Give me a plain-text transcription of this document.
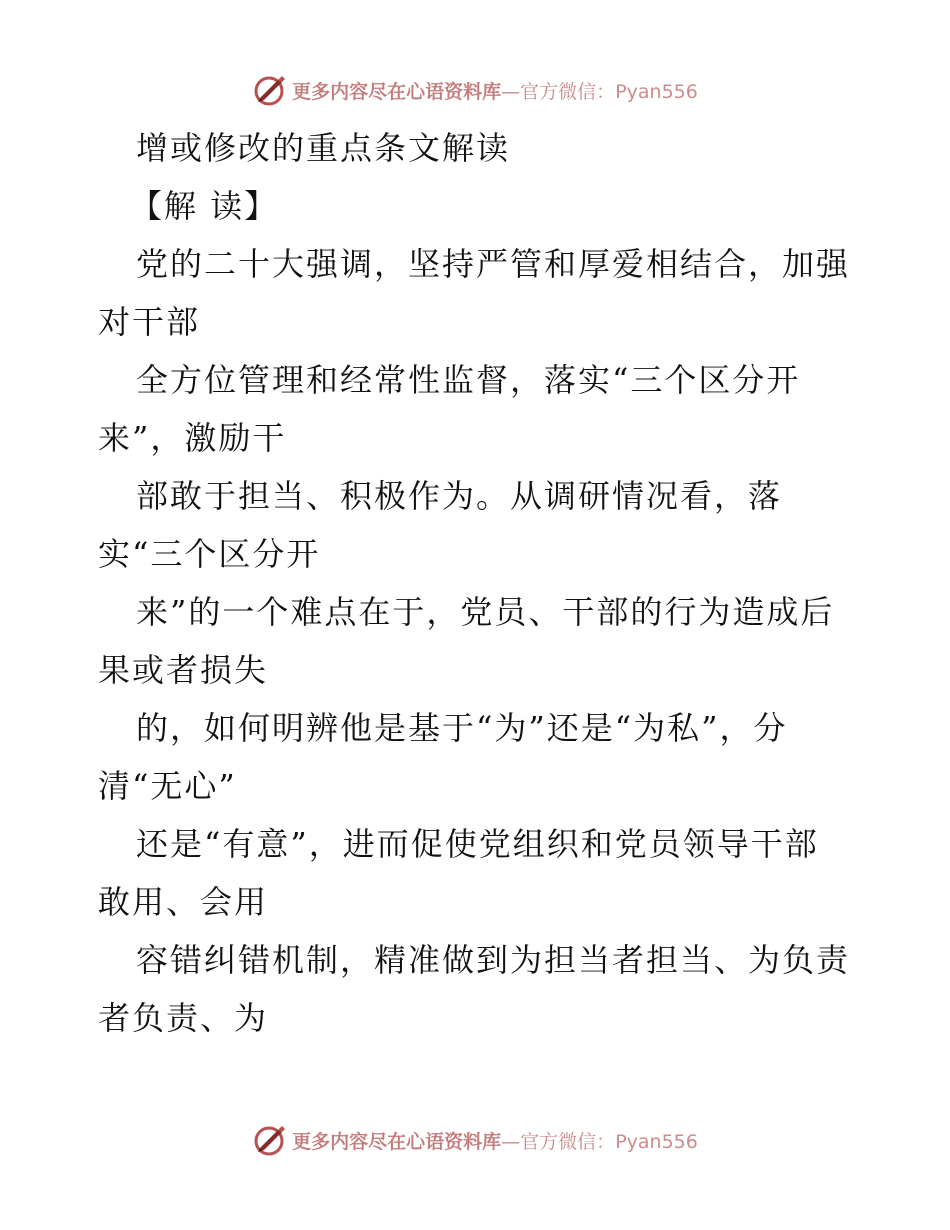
更多内容尽在心语资料库—官方微信：Pyan556
增或修改的重点条文解读
【解 读】
党的二十大强调，坚持严管和厚爱相结合，加强
对干部
全方位管理和经常性监督，落实“三个区分开
来”，激励干
部敢于担当、积极作为。从调研情况看，落
实“三个区分开
来”的一个难点在于，党员、干部的行为造成后
果或者损失
的，如何明辨他是基于“为”还是“为私”，分
清“无心”
还是“有意”，进而促使党组织和党员领导干部
敢用、会用
容错纠错机制，精准做到为担当者担当、为负责
者负责、为
更多内容尽在心语资料库—官方微信：Pyan556
